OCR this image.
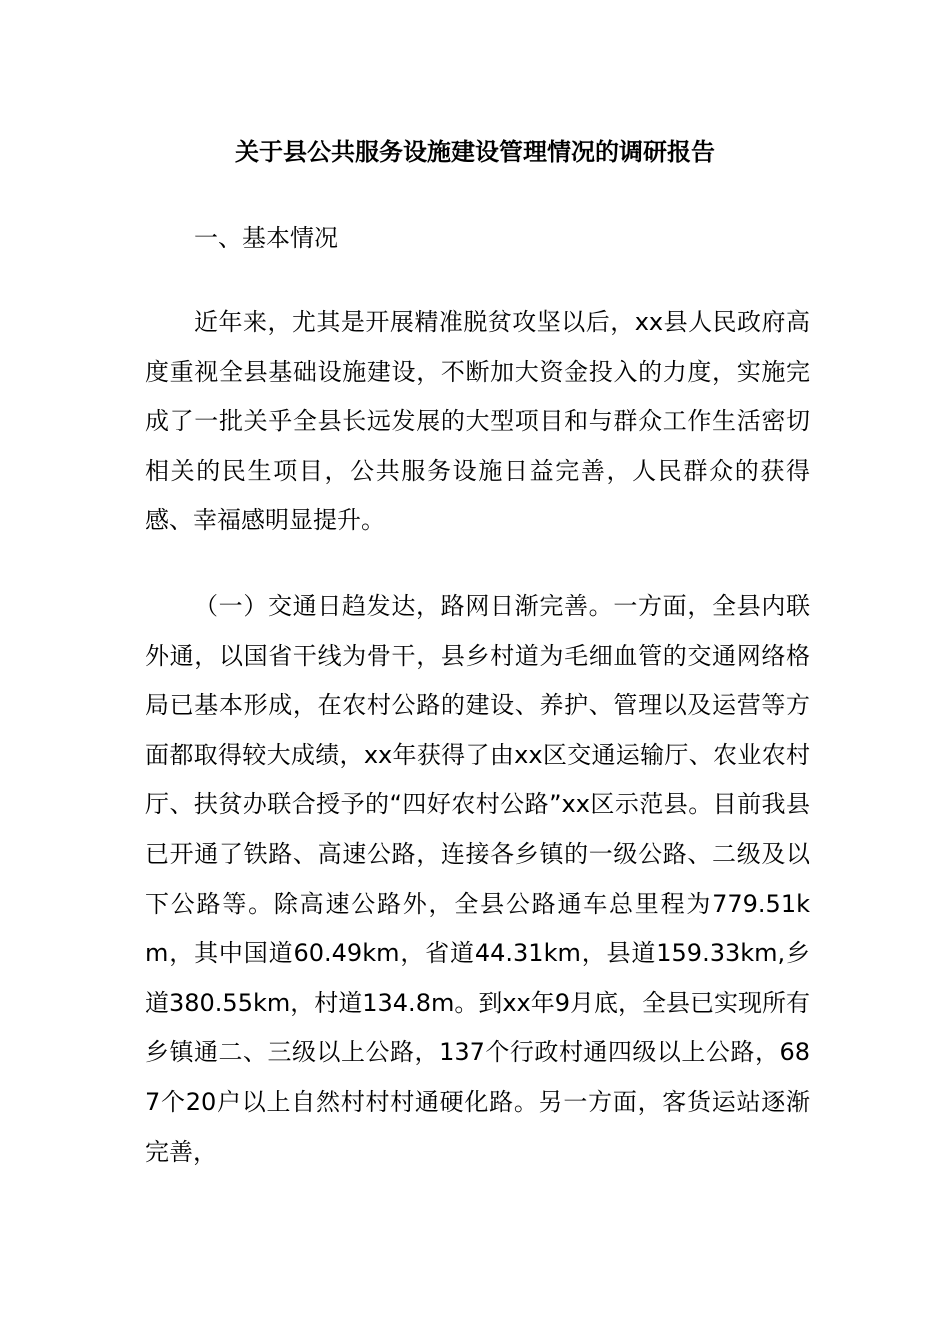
关于县公共服务设施建设管理情况的调研报告
一、基本情况
近年来，尤其是开展精准脱贫攻坚以后，xx县人民政府高度重视全县基础设施建设，不断加大资金投入的力度，实施完成了一批关乎全县长远发展的大型项目和与群众工作生活密切相关的民生项目，公共服务设施日益完善，人民群众的获得感、幸福感明显提升。
（一）交通日趋发达，路网日渐完善。一方面，全县内联外通，以国省干线为骨干，县乡村道为毛细血管的交通网络格局已基本形成，在农村公路的建设、养护、管理以及运营等方面都取得较大成绩，xx年获得了由xx区交通运输厅、农业农村厅、扶贫办联合授予的“四好农村公路”xx区示范县。目前我县已开通了铁路、高速公路，连接各乡镇的一级公路、二级及以下公路等。除高速公路外，全县公路通车总里程为779.51km，其中国道60.49km，省道44.31km，县道159.33km,乡道380.55km，村道134.8m。到xx年9月底，全县已实现所有乡镇通二、三级以上公路，137个行政村通四级以上公路，687个20户以上自然村村村通硬化路。另一方面，客货运站逐渐完善，
